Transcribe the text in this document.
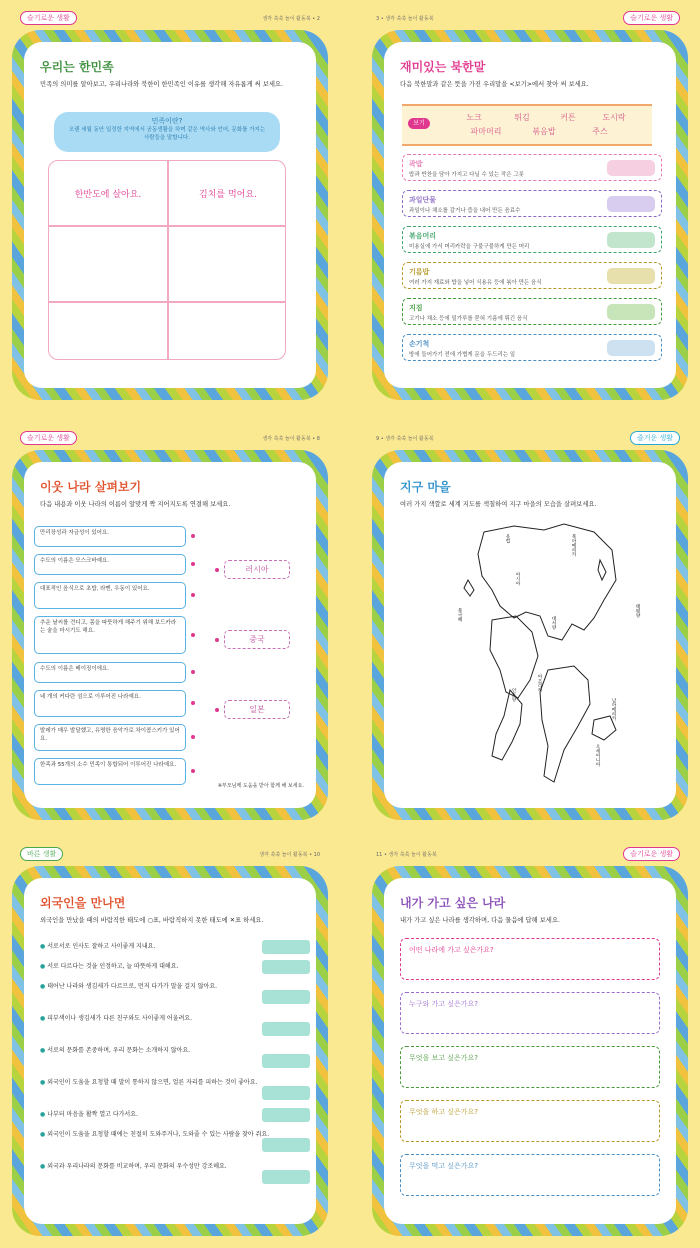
슬기로운 생활	생각 쑥쑥 놀이 활동북 • 2
우리는 한민족
민족의 의미를 알아보고, 우리나라와 북한이 한민족인 이유를 생각해 자유롭게 써 보세요.
민족이란?
오랜 세월 동안 일정한 지역에서 공동생활을 하며 같은 역사와 언어, 문화를 가지는 사람들을 말합니다.
한반도에 살아요.	김치를 먹어요.
3 • 생각 쑥쑥 놀이 활동북	슬기로운 생활
재미있는 북한말
다음 북한말과 같은 뜻을 가진 우리말을 <보기>에서 찾아 써 보세요.
보기
노크	튀김	커튼	도시락
파마머리	볶음밥	주스
곽밥
밥과 반찬을 담아 가지고 다닐 수 있는 작은 그릇
과일단물
과일이나 채소를 갈거나 즙을 내어 만든 음료수
볶음머리
미용실에 가서 머리카락을 구불구불하게 만든 머리
기름밥
여러 가지 재료와 밥을 넣어 식용유 등에 볶아 만든 음식
지짐
고기나 채소 등에 밀가루를 묻혀 기름에 튀긴 음식
손기척
방에 들어가기 전에 가볍게 문을 두드리는 일
슬기로운 생활	생각 쑥쑥 놀이 활동북 • 8
이웃 나라 살펴보기
다음 내용과 이웃 나라의 이름이 알맞게 짝 지어지도록 연결해 보세요.
만리장성과 자금성이 있어요.
수도의 이름은 모스크바예요.
대표적인 음식으로 초밥, 라멘, 우동이 있어요.
추운 날씨를 견디고, 몸을 따뜻하게 해주기 위해 보드카라는 술을 마시기도 해요.
수도의 이름은 베이징이에요.
네 개의 커다란 섬으로 이루어진 나라예요.
발레가 매우 발달했고, 유명한 음악가로 차이콥스키가 있어요.
한족과 55개의 소수 민족이 통합되어 이루어진 나라예요.
러시아
중국
일본
※부모님께 도움을 받아 함께 해 보세요.
9 • 생각 쑥쑥 놀이 활동북	즐거운 생활
지구 마을
여러 가지 색깔로 세계 지도를 색칠하여 지구 마을의 모습을 살펴보세요.
북극해
북아메리카
유럽
아시아
아프리카
대서양
인도양
태평양
남아메리카
오세아니아
바른 생활	생각 쑥쑥 놀이 활동북 • 10
외국인을 만나면
외국인을 만났을 때의 바람직한 태도에 ○표, 바람직하지 못한 태도에 ✕표 하세요.
● 서로서로 인사도 잘하고 사이좋게 지내요.
● 서로 다르다는 것을 인정하고, 늘 따뜻하게 대해요.
● 태어난 나라와 생김새가 다르므로, 먼저 다가가 말을 걸지 않아요.
● 피부색이나 생김새가 다른 친구와도 사이좋게 어울려요.
● 서로의 문화를 존중하며, 우리 문화는 소개하지 않아요.
● 외국인이 도움을 요청할 때 말이 통하지 않으면, 얼른 자리를 피하는 것이 좋아요.
● 나부터 마음을 활짝 열고 다가서요.
● 외국인이 도움을 요청할 때에는 친절히 도와주거나, 도와줄 수 있는 사람을 찾아 줘요.
● 외국과 우리나라의 문화를 비교하며, 우리 문화의 우수성만 강조해요.
11 • 생각 쑥쑥 놀이 활동북	슬기로운 생활
내가 가고 싶은 나라
내가 가고 싶은 나라를 생각하며, 다음 물음에 답해 보세요.
어떤 나라에 가고 싶은가요?
누구와 가고 싶은가요?
무엇을 보고 싶은가요?
무엇을 하고 싶은가요?
무엇을 먹고 싶은가요?
